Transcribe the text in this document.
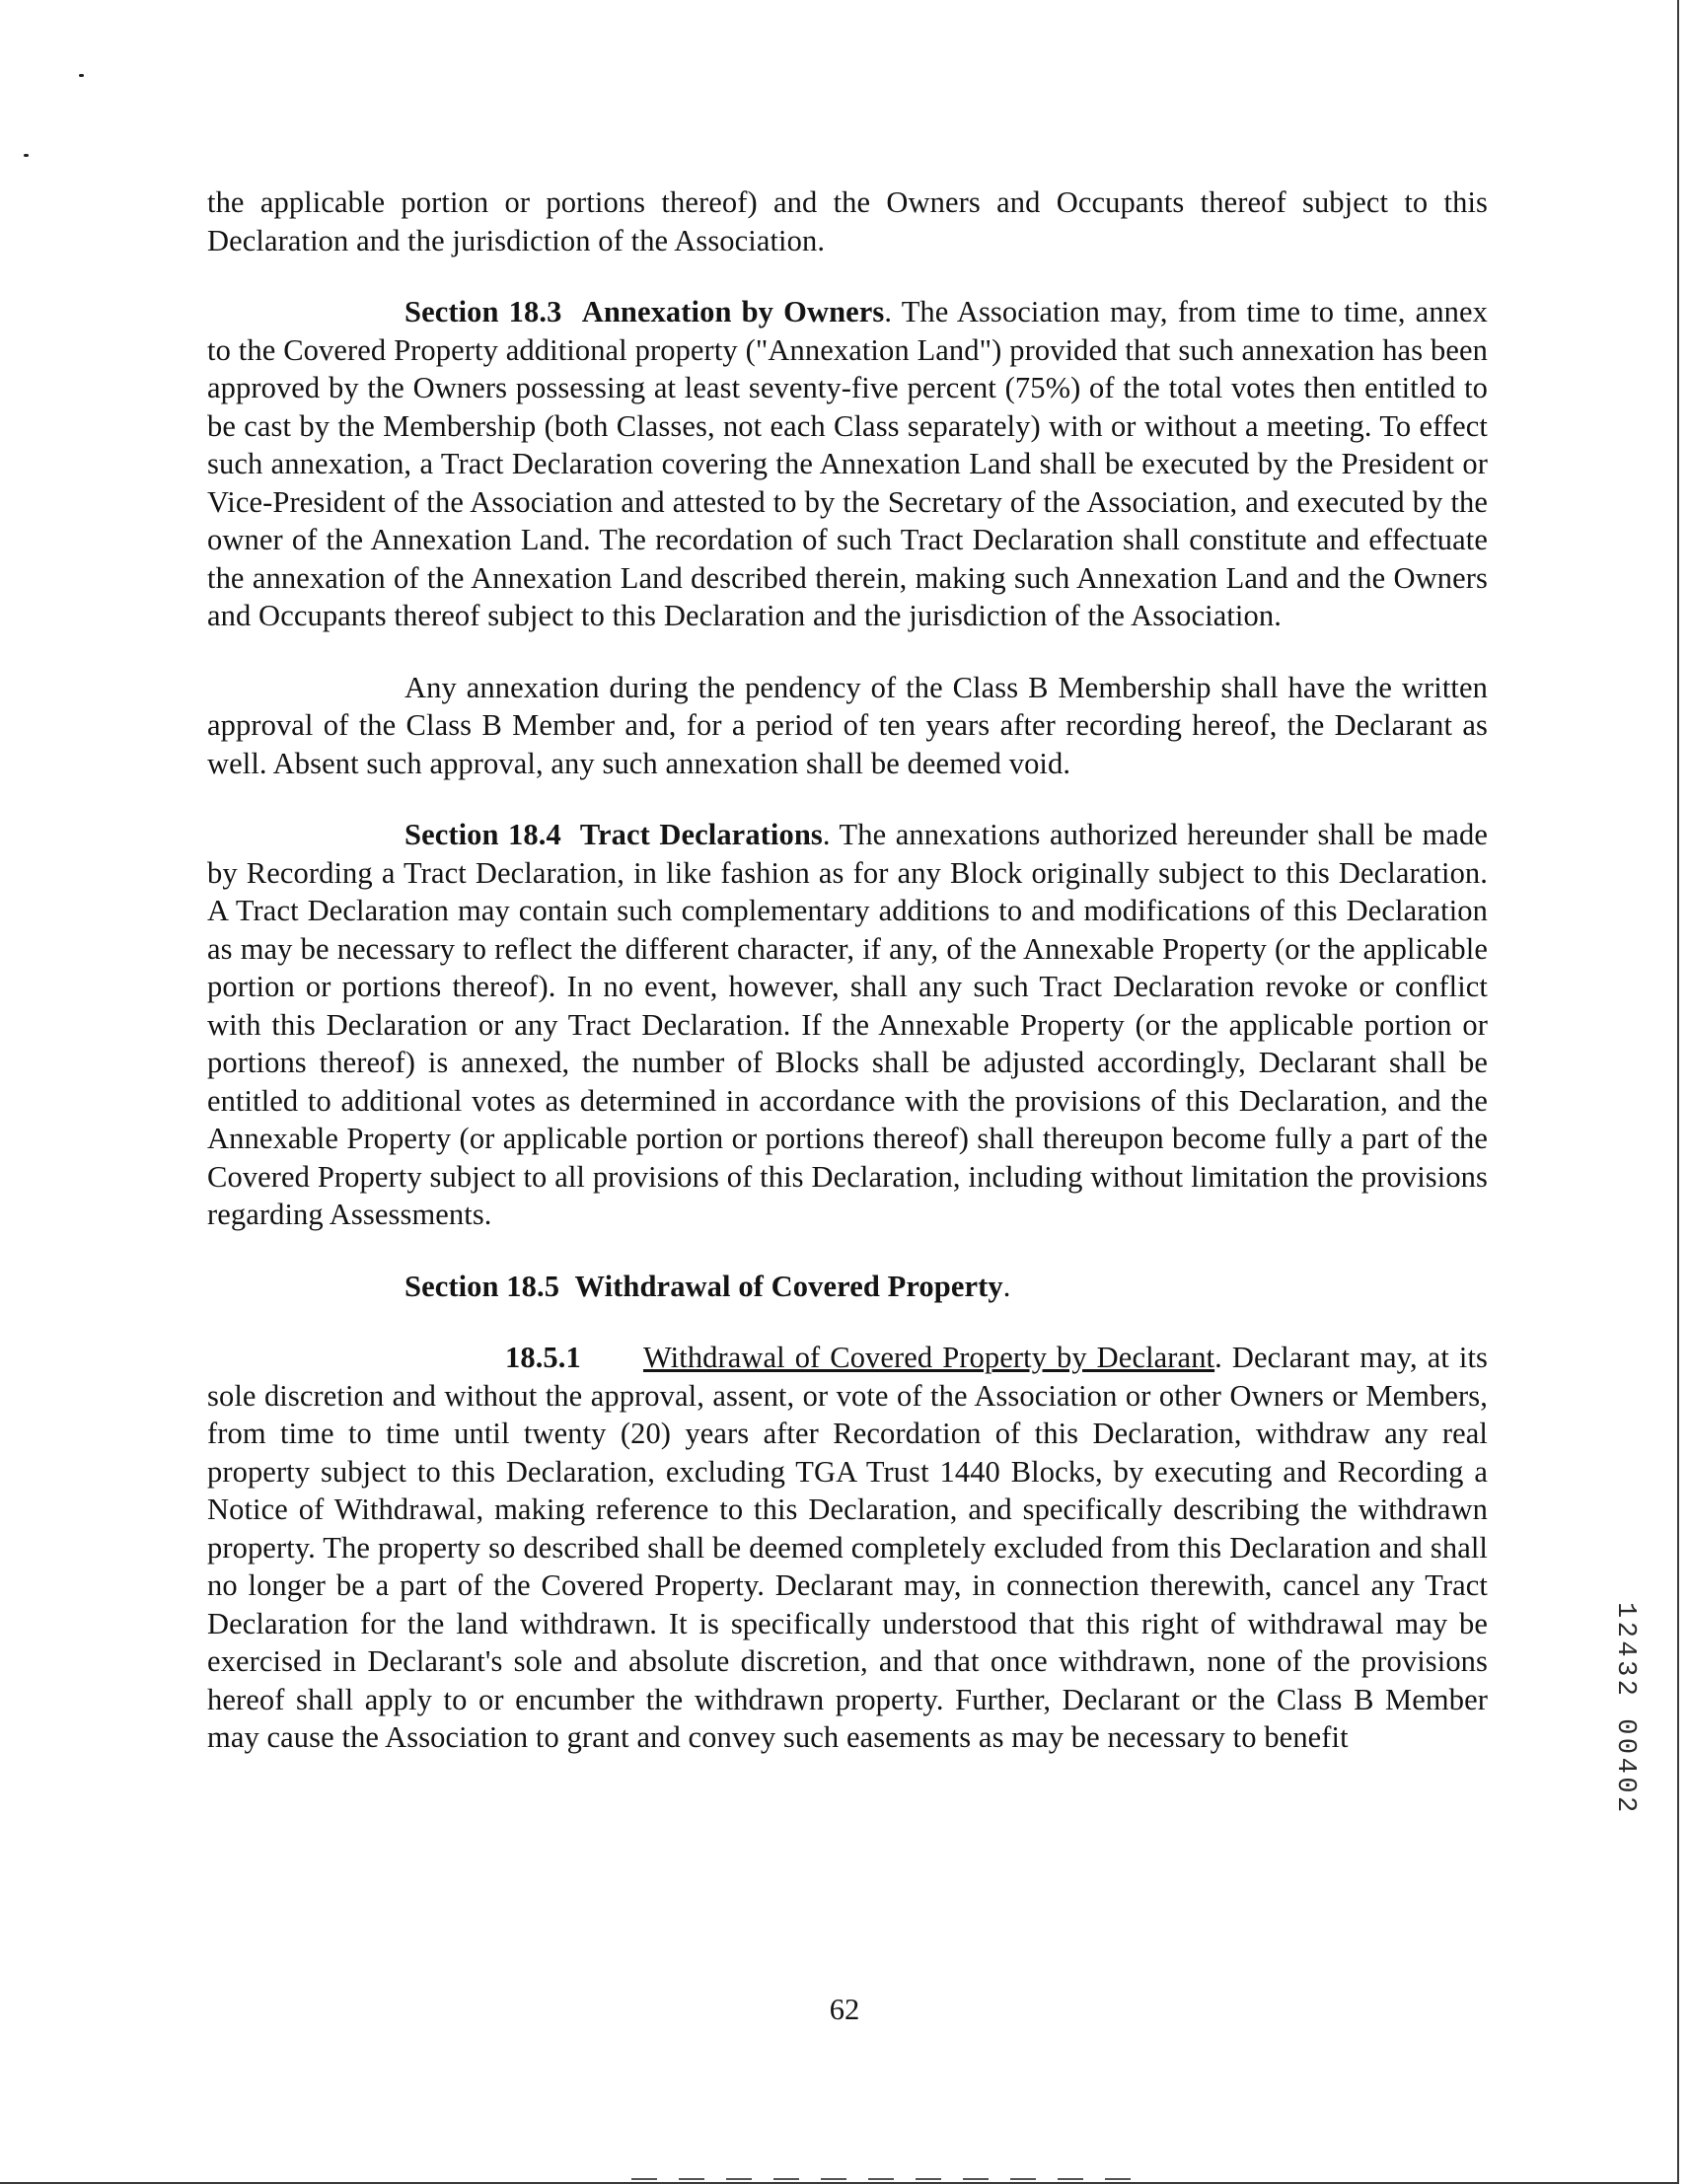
the applicable portion or portions thereof) and the Owners and Occupants thereof subject to this Declaration and the jurisdiction of the Association.

Section 18.3 Annexation by Owners. The Association may, from time to time, annex to the Covered Property additional property ("Annexation Land") provided that such annexation has been approved by the Owners possessing at least seventy-five percent (75%) of the total votes then entitled to be cast by the Membership (both Classes, not each Class separately) with or without a meeting. To effect such annexation, a Tract Declaration covering the Annexation Land shall be executed by the President or Vice-President of the Association and attested to by the Secretary of the Association, and executed by the owner of the Annexation Land. The recordation of such Tract Declaration shall constitute and effectuate the annexation of the Annexation Land described therein, making such Annexation Land and the Owners and Occupants thereof subject to this Declaration and the jurisdiction of the Association.

Any annexation during the pendency of the Class B Membership shall have the written approval of the Class B Member and, for a period of ten years after recording hereof, the Declarant as well. Absent such approval, any such annexation shall be deemed void.

Section 18.4 Tract Declarations. The annexations authorized hereunder shall be made by Recording a Tract Declaration, in like fashion as for any Block originally subject to this Declaration. A Tract Declaration may contain such complementary additions to and modifications of this Declaration as may be necessary to reflect the different character, if any, of the Annexable Property (or the applicable portion or portions thereof). In no event, however, shall any such Tract Declaration revoke or conflict with this Declaration or any Tract Declaration. If the Annexable Property (or the applicable portion or portions thereof) is annexed, the number of Blocks shall be adjusted accordingly, Declarant shall be entitled to additional votes as determined in accordance with the provisions of this Declaration, and the Annexable Property (or applicable portion or portions thereof) shall thereupon become fully a part of the Covered Property subject to all provisions of this Declaration, including without limitation the provisions regarding Assessments.

Section 18.5 Withdrawal of Covered Property.

18.5.1 Withdrawal of Covered Property by Declarant. Declarant may, at its sole discretion and without the approval, assent, or vote of the Association or other Owners or Members, from time to time until twenty (20) years after Recordation of this Declaration, withdraw any real property subject to this Declaration, excluding TGA Trust 1440 Blocks, by executing and Recording a Notice of Withdrawal, making reference to this Declaration, and specifically describing the withdrawn property. The property so described shall be deemed completely excluded from this Declaration and shall no longer be a part of the Covered Property. Declarant may, in connection therewith, cancel any Tract Declaration for the land withdrawn. It is specifically understood that this right of withdrawal may be exercised in Declarant's sole and absolute discretion, and that once withdrawn, none of the provisions hereof shall apply to or encumber the withdrawn property. Further, Declarant or the Class B Member may cause the Association to grant and convey such easements as may be necessary to benefit

62
12432 00402
